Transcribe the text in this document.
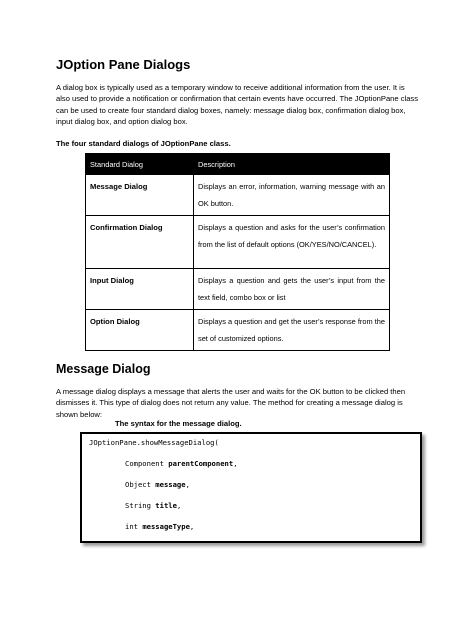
JOption Pane Dialogs

A dialog box is typically used as a temporary window to receive additional information from the user. It is also used to provide a notification or confirmation that certain events have occurred. The JOptionPane class can be used to create four standard dialog boxes, namely: message dialog box, confirmation dialog box, input dialog box, and option dialog box.

The four standard dialogs of JOptionPane class.

Standard Dialog	Description
Message Dialog	Displays an error, information, warning message with an OK button.
Confirmation Dialog	Displays a question and asks for the user’s confirmation from the list of default options (OK/YES/NO/CANCEL).
Input Dialog	Displays a question and gets the user’s input from the text field, combo box or list
Option Dialog	Displays a question and get the user’s response from the set of customized options.
Message Dialog

A message dialog displays a message that alerts the user and waits for the OK button to be clicked then dismisses it. This type of dialog does not return any value. The method for creating a message dialog is shown below:

The syntax for the message dialog.

JOptionPane.showMessageDialog(

Component parentComponent,

Object message,

String title,

int messageType,
